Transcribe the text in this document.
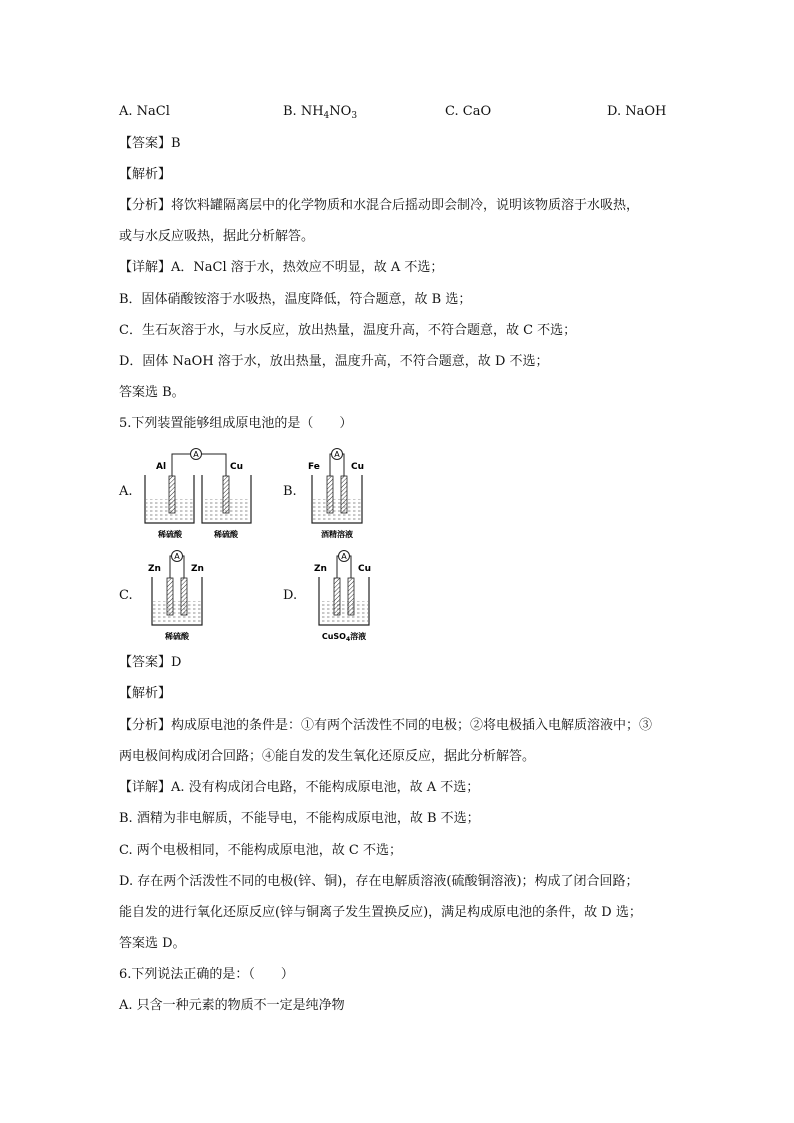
A. NaCl	B. $NH_4NO_3$	C. CaO	D. NaOH
【答案】B
【解析】
【分析】将饮料罐隔离层中的化学物质和水混合后摇动即会制冷，说明该物质溶于水吸热，
或与水反应吸热，据此分析解答。
【详解】A．NaCl 溶于水，热效应不明显，故 A 不选；
B．固体硝酸铵溶于水吸热，温度降低，符合题意，故 B 选；
C．生石灰溶于水，与水反应，放出热量，温度升高，不符合题意，故 C 不选；
D．固体 NaOH 溶于水，放出热量，温度升高，不符合题意，故 D 不选；
答案选 B。
5.下列装置能够组成原电池的是（　　）
A.	B.
C.	D.
A
Al	Cu
稀硫酸	稀硫酸
A
Fe	Cu
酒精溶液
A
Zn	Zn
稀硫酸
A
Zn	Cu
CuSO$_4$溶液
【答案】D
【解析】
【分析】构成原电池的条件是：①有两个活泼性不同的电极；②将电极插入电解质溶液中；③
两电极间构成闭合回路；④能自发的发生氧化还原反应，据此分析解答。
【详解】A. 没有构成闭合电路，不能构成原电池，故 A 不选；
B. 酒精为非电解质，不能导电，不能构成原电池，故 B 不选；
C. 两个电极相同，不能构成原电池，故 C 不选；
D. 存在两个活泼性不同的电极(锌、铜)，存在电解质溶液(硫酸铜溶液)；构成了闭合回路；
能自发的进行氧化还原反应(锌与铜离子发生置换反应)，满足构成原电池的条件，故 D 选；
答案选 D。
6.下列说法正确的是：（　　）
A. 只含一种元素的物质不一定是纯净物
